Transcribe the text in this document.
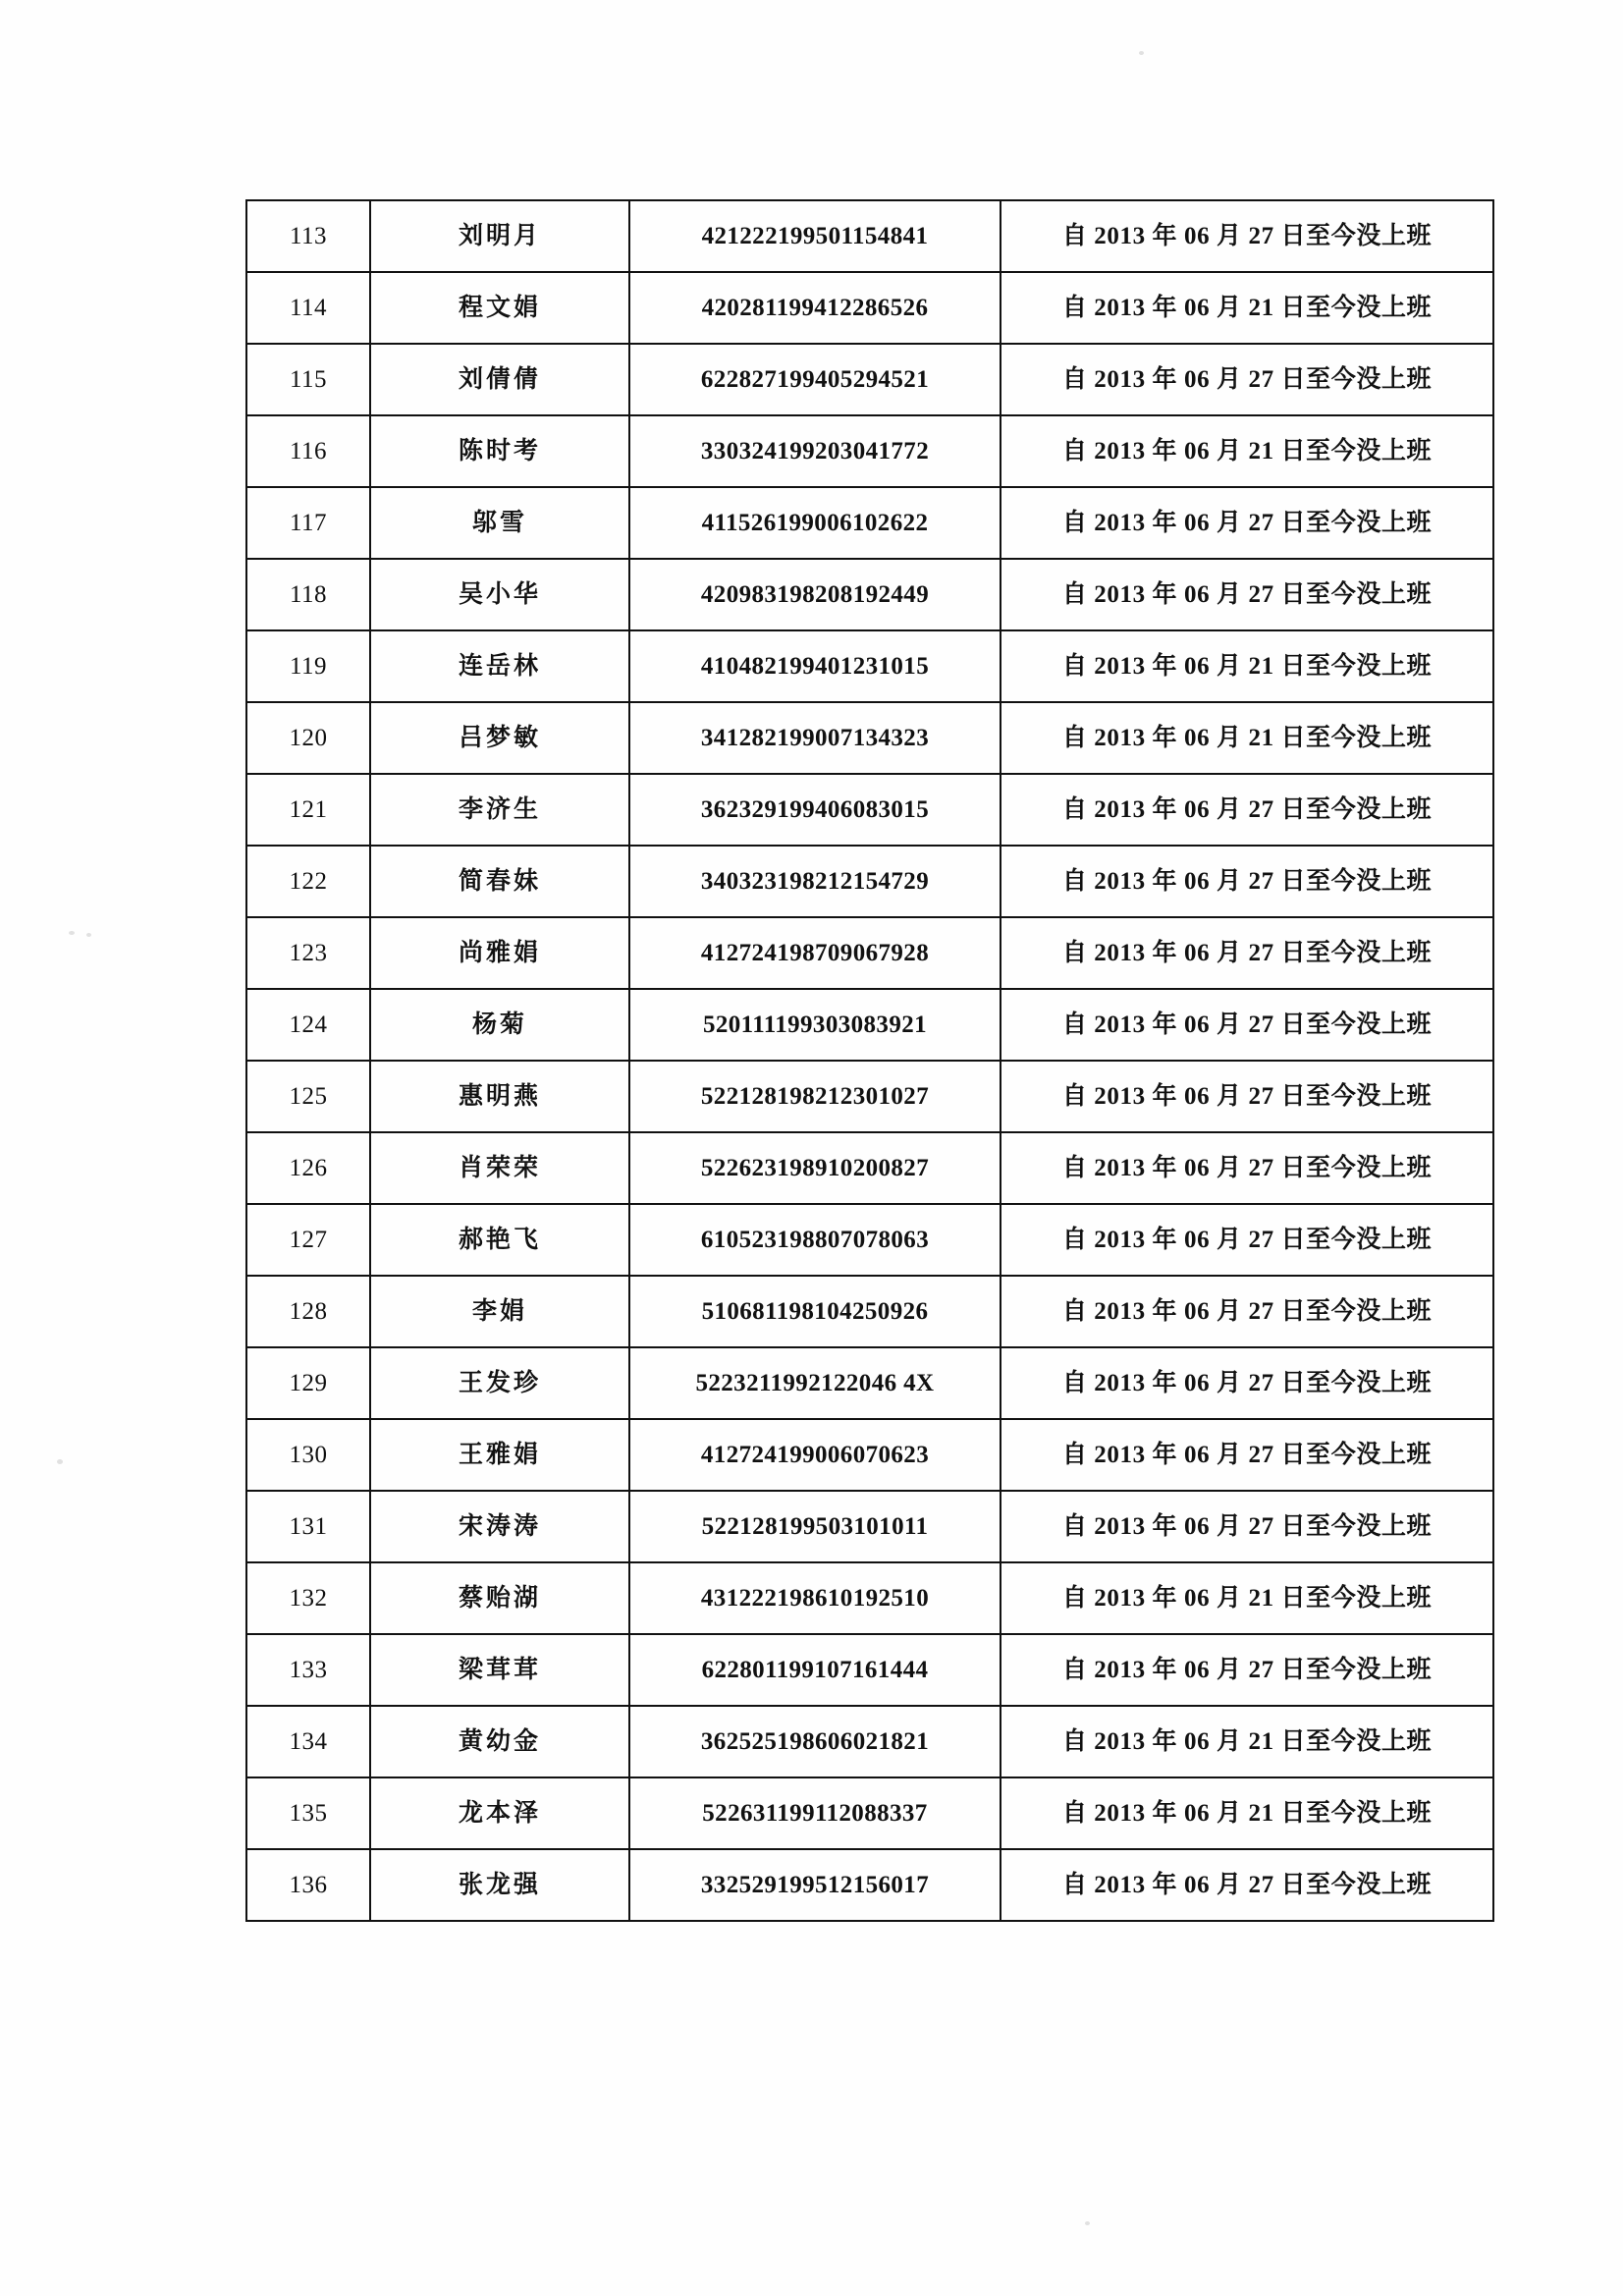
113	刘明月	421222199501154841	自 2013 年 06 月 27 日至今没上班
114	程文娟	420281199412286526	自 2013 年 06 月 21 日至今没上班
115	刘倩倩	622827199405294521	自 2013 年 06 月 27 日至今没上班
116	陈时考	330324199203041772	自 2013 年 06 月 21 日至今没上班
117	邬雪	411526199006102622	自 2013 年 06 月 27 日至今没上班
118	吴小华	420983198208192449	自 2013 年 06 月 27 日至今没上班
119	连岳林	410482199401231015	自 2013 年 06 月 21 日至今没上班
120	吕梦敏	341282199007134323	自 2013 年 06 月 21 日至今没上班
121	李济生	362329199406083015	自 2013 年 06 月 27 日至今没上班
122	简春妹	340323198212154729	自 2013 年 06 月 27 日至今没上班
123	尚雅娟	412724198709067928	自 2013 年 06 月 27 日至今没上班
124	杨菊	520111199303083921	自 2013 年 06 月 27 日至今没上班
125	惠明燕	522128198212301027	自 2013 年 06 月 27 日至今没上班
126	肖荣荣	522623198910200827	自 2013 年 06 月 27 日至今没上班
127	郝艳飞	610523198807078063	自 2013 年 06 月 27 日至今没上班
128	李娟	510681198104250926	自 2013 年 06 月 27 日至今没上班
129	王发珍	5223211992122046 4X	自 2013 年 06 月 27 日至今没上班
130	王雅娟	412724199006070623	自 2013 年 06 月 27 日至今没上班
131	宋涛涛	522128199503101011	自 2013 年 06 月 27 日至今没上班
132	蔡贻湖	431222198610192510	自 2013 年 06 月 21 日至今没上班
133	梁茸茸	622801199107161444	自 2013 年 06 月 27 日至今没上班
134	黄幼金	362525198606021821	自 2013 年 06 月 21 日至今没上班
135	龙本泽	522631199112088337	自 2013 年 06 月 21 日至今没上班
136	张龙强	332529199512156017	自 2013 年 06 月 27 日至今没上班
